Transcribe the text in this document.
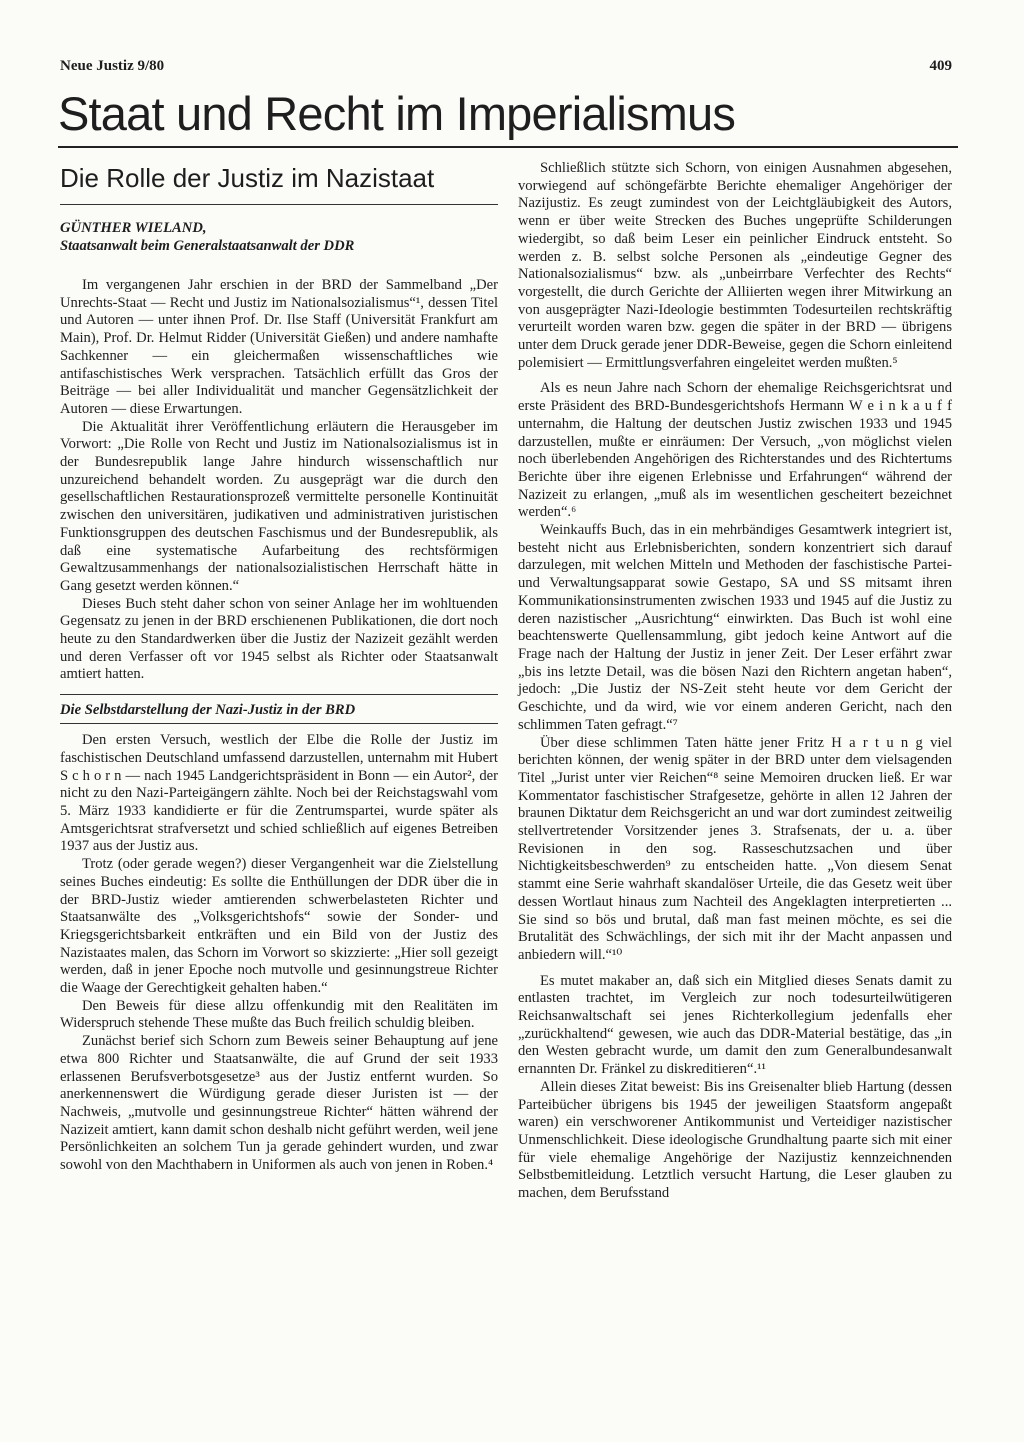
Neue Justiz 9/80	409
Staat und Recht im Imperialismus
Die Rolle der Justiz im Nazistaat
GÜNTHER WIELAND,
Staatsanwalt beim Generalstaatsanwalt der DDR

Im vergangenen Jahr erschien in der BRD der Sammelband „Der Unrechts-Staat — Recht und Justiz im Nationalsozialismus“¹, dessen Titel und Autoren — unter ihnen Prof. Dr. Ilse Staff (Universität Frankfurt am Main), Prof. Dr. Helmut Ridder (Universität Gießen) und andere namhafte Sachkenner — ein gleichermaßen wissenschaftliches wie antifaschistisches Werk versprachen. Tatsächlich erfüllt das Gros der Beiträge — bei aller Individualität und mancher Gegensätzlichkeit der Autoren — diese Erwartungen.

Die Aktualität ihrer Veröffentlichung erläutern die Herausgeber im Vorwort: „Die Rolle von Recht und Justiz im Nationalsozialismus ist in der Bundesrepublik lange Jahre hindurch wissenschaftlich nur unzureichend behandelt worden. Zu ausgeprägt war die durch den gesellschaftlichen Restaurationsprozeß vermittelte personelle Kontinuität zwischen den universitären, judikativen und administrativen juristischen Funktionsgruppen des deutschen Faschismus und der Bundesrepublik, als daß eine systematische Aufarbeitung des rechtsförmigen Gewaltzusammenhangs der nationalsozialistischen Herrschaft hätte in Gang gesetzt werden können.“

Dieses Buch steht daher schon von seiner Anlage her im wohltuenden Gegensatz zu jenen in der BRD erschienenen Publikationen, die dort noch heute zu den Standardwerken über die Justiz der Nazizeit gezählt werden und deren Verfasser oft vor 1945 selbst als Richter oder Staatsanwalt amtiert hatten.

Die Selbstdarstellung der Nazi-Justiz in der BRD

Den ersten Versuch, westlich der Elbe die Rolle der Justiz im faschistischen Deutschland umfassend darzustellen, unternahm mit Hubert S c h o r n — nach 1945 Landgerichtspräsident in Bonn — ein Autor², der nicht zu den Nazi-Parteigängern zählte. Noch bei der Reichstagswahl vom 5. März 1933 kandidierte er für die Zentrumspartei, wurde später als Amtsgerichtsrat strafversetzt und schied schließlich auf eigenes Betreiben 1937 aus der Justiz aus.

Trotz (oder gerade wegen?) dieser Vergangenheit war die Zielstellung seines Buches eindeutig: Es sollte die Enthüllungen der DDR über die in der BRD-Justiz wieder amtierenden schwerbelasteten Richter und Staatsanwälte des „Volksgerichtshofs“ sowie der Sonder- und Kriegsgerichtsbarkeit entkräften und ein Bild von der Justiz des Nazistaates malen, das Schorn im Vorwort so skizzierte: „Hier soll gezeigt werden, daß in jener Epoche noch mutvolle und gesinnungstreue Richter die Waage der Gerechtigkeit gehalten haben.“

Den Beweis für diese allzu offenkundig mit den Realitäten im Widerspruch stehende These mußte das Buch freilich schuldig bleiben.

Zunächst berief sich Schorn zum Beweis seiner Behauptung auf jene etwa 800 Richter und Staatsanwälte, die auf Grund der seit 1933 erlassenen Berufsverbotsgesetze³ aus der Justiz entfernt wurden. So anerkennenswert die Würdigung gerade dieser Juristen ist — der Nachweis, „mutvolle und gesinnungstreue Richter“ hätten während der Nazizeit amtiert, kann damit schon deshalb nicht geführt werden, weil jene Persönlichkeiten an solchem Tun ja gerade gehindert wurden, und zwar sowohl von den Machthabern in Uniformen als auch von jenen in Roben.⁴

Schließlich stützte sich Schorn, von einigen Ausnahmen abgesehen, vorwiegend auf schöngefärbte Berichte ehemaliger Angehöriger der Nazijustiz. Es zeugt zumindest von der Leichtgläubigkeit des Autors, wenn er über weite Strecken des Buches ungeprüfte Schilderungen wiedergibt, so daß beim Leser ein peinlicher Eindruck entsteht. So werden z. B. selbst solche Personen als „eindeutige Gegner des Nationalsozialismus“ bzw. als „unbeirrbare Verfechter des Rechts“ vorgestellt, die durch Gerichte der Alliierten wegen ihrer Mitwirkung an von ausgeprägter Nazi-Ideologie bestimmten Todesurteilen rechtskräftig verurteilt worden waren bzw. gegen die später in der BRD — übrigens unter dem Druck gerade jener DDR-Beweise, gegen die Schorn einleitend polemisiert — Ermittlungsverfahren eingeleitet werden mußten.⁵

Als es neun Jahre nach Schorn der ehemalige Reichsgerichtsrat und erste Präsident des BRD-Bundesgerichtshofs Hermann W e i n k a u f f unternahm, die Haltung der deutschen Justiz zwischen 1933 und 1945 darzustellen, mußte er einräumen: Der Versuch, „von möglichst vielen noch überlebenden Angehörigen des Richterstandes und des Richtertums Berichte über ihre eigenen Erlebnisse und Erfahrungen“ während der Nazizeit zu erlangen, „muß als im wesentlichen gescheitert bezeichnet werden“.⁶

Weinkauffs Buch, das in ein mehrbändiges Gesamtwerk integriert ist, besteht nicht aus Erlebnisberichten, sondern konzentriert sich darauf darzulegen, mit welchen Mitteln und Methoden der faschistische Partei- und Verwaltungsapparat sowie Gestapo, SA und SS mitsamt ihren Kommunikationsinstrumenten zwischen 1933 und 1945 auf die Justiz zu deren nazistischer „Ausrichtung“ einwirkten. Das Buch ist wohl eine beachtenswerte Quellensammlung, gibt jedoch keine Antwort auf die Frage nach der Haltung der Justiz in jener Zeit. Der Leser erfährt zwar „bis ins letzte Detail, was die bösen Nazi den Richtern angetan haben“, jedoch: „Die Justiz der NS-Zeit steht heute vor dem Gericht der Geschichte, und da wird, wie vor einem anderen Gericht, nach den schlimmen Taten gefragt.“⁷

Über diese schlimmen Taten hätte jener Fritz H a r t u n g viel berichten können, der wenig später in der BRD unter dem vielsagenden Titel „Jurist unter vier Reichen“⁸ seine Memoiren drucken ließ. Er war Kommentator faschistischer Strafgesetze, gehörte in allen 12 Jahren der braunen Diktatur dem Reichsgericht an und war dort zumindest zeitweilig stellvertretender Vorsitzender jenes 3. Strafsenats, der u. a. über Revisionen in den sog. Rasseschutzsachen und über Nichtigkeitsbeschwerden⁹ zu entscheiden hatte. „Von diesem Senat stammt eine Serie wahrhaft skandalöser Urteile, die das Gesetz weit über dessen Wortlaut hinaus zum Nachteil des Angeklagten interpretierten ... Sie sind so bös und brutal, daß man fast meinen möchte, es sei die Brutalität des Schwächlings, der sich mit ihr der Macht anpassen und anbiedern will.“¹⁰

Es mutet makaber an, daß sich ein Mitglied dieses Senats damit zu entlasten trachtet, im Vergleich zur noch todesurteilwütigeren Reichsanwaltschaft sei jenes Richterkollegium jedenfalls eher „zurückhaltend“ gewesen, wie auch das DDR-Material bestätige, das „in den Westen gebracht wurde, um damit den zum Generalbundesanwalt ernannten Dr. Fränkel zu diskreditieren“.¹¹

Allein dieses Zitat beweist: Bis ins Greisenalter blieb Hartung (dessen Parteibücher übrigens bis 1945 der jeweiligen Staatsform angepaßt waren) ein verschworener Antikommunist und Verteidiger nazistischer Unmenschlichkeit. Diese ideologische Grundhaltung paarte sich mit einer für viele ehemalige Angehörige der Nazijustiz kennzeichnenden Selbstbemitleidung. Letztlich versucht Hartung, die Leser glauben zu machen, dem Berufsstand
